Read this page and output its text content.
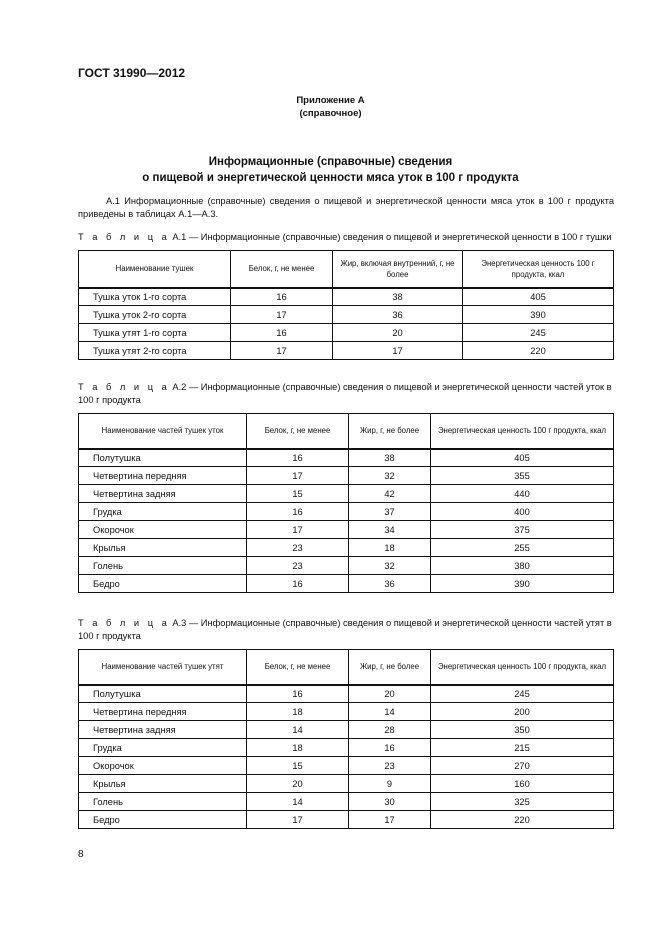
ГОСТ 31990—2012
Приложение А
(справочное)
Информационные (справочные) сведения
о пищевой и энергетической ценности мяса уток в 100 г продукта
A.1 Информационные (справочные) сведения о пищевой и энергетической ценности мяса уток в 100 г продукта приведены в таблицах А.1—А.3.
Т а б л и ц а А.1 — Информационные (справочные) сведения о пищевой и энергетической ценности в 100 г тушки
Наименование тушек	Белок, г, не менее	Жир, включая внутренний, г, не более	Энергетическая ценность 100 г продукта, ккал
Тушка уток 1-го сорта	16	38	405
Тушка уток 2-го сорта	17	36	390
Тушка утят 1-го сорта	16	20	245
Тушка утят 2-го сорта	17	17	220
Т а б л и ц а А.2 — Информационные (справочные) сведения о пищевой и энергетической ценности частей уток в 100 г продукта
Наименование частей тушек уток	Белок, г, не менее	Жир, г, не более	Энергетическая ценность 100 г продукта, ккал
Полутушка	16	38	405
Четвертина передняя	17	32	355
Четвертина задняя	15	42	440
Грудка	16	37	400
Окорочок	17	34	375
Крылья	23	18	255
Голень	23	32	380
Бедро	16	36	390
Т а б л и ц а А.3 — Информационные (справочные) сведения о пищевой и энергетической ценности частей утят в 100 г продукта
Наименование частей тушек утят	Белок, г, не менее	Жир, г, не более	Энергетическая ценность 100 г продукта, ккал
Полутушка	16	20	245
Четвертина передняя	18	14	200
Четвертина задняя	14	28	350
Грудка	18	16	215
Окорочок	15	23	270
Крылья	20	9	160
Голень	14	30	325
Бедро	17	17	220
8
